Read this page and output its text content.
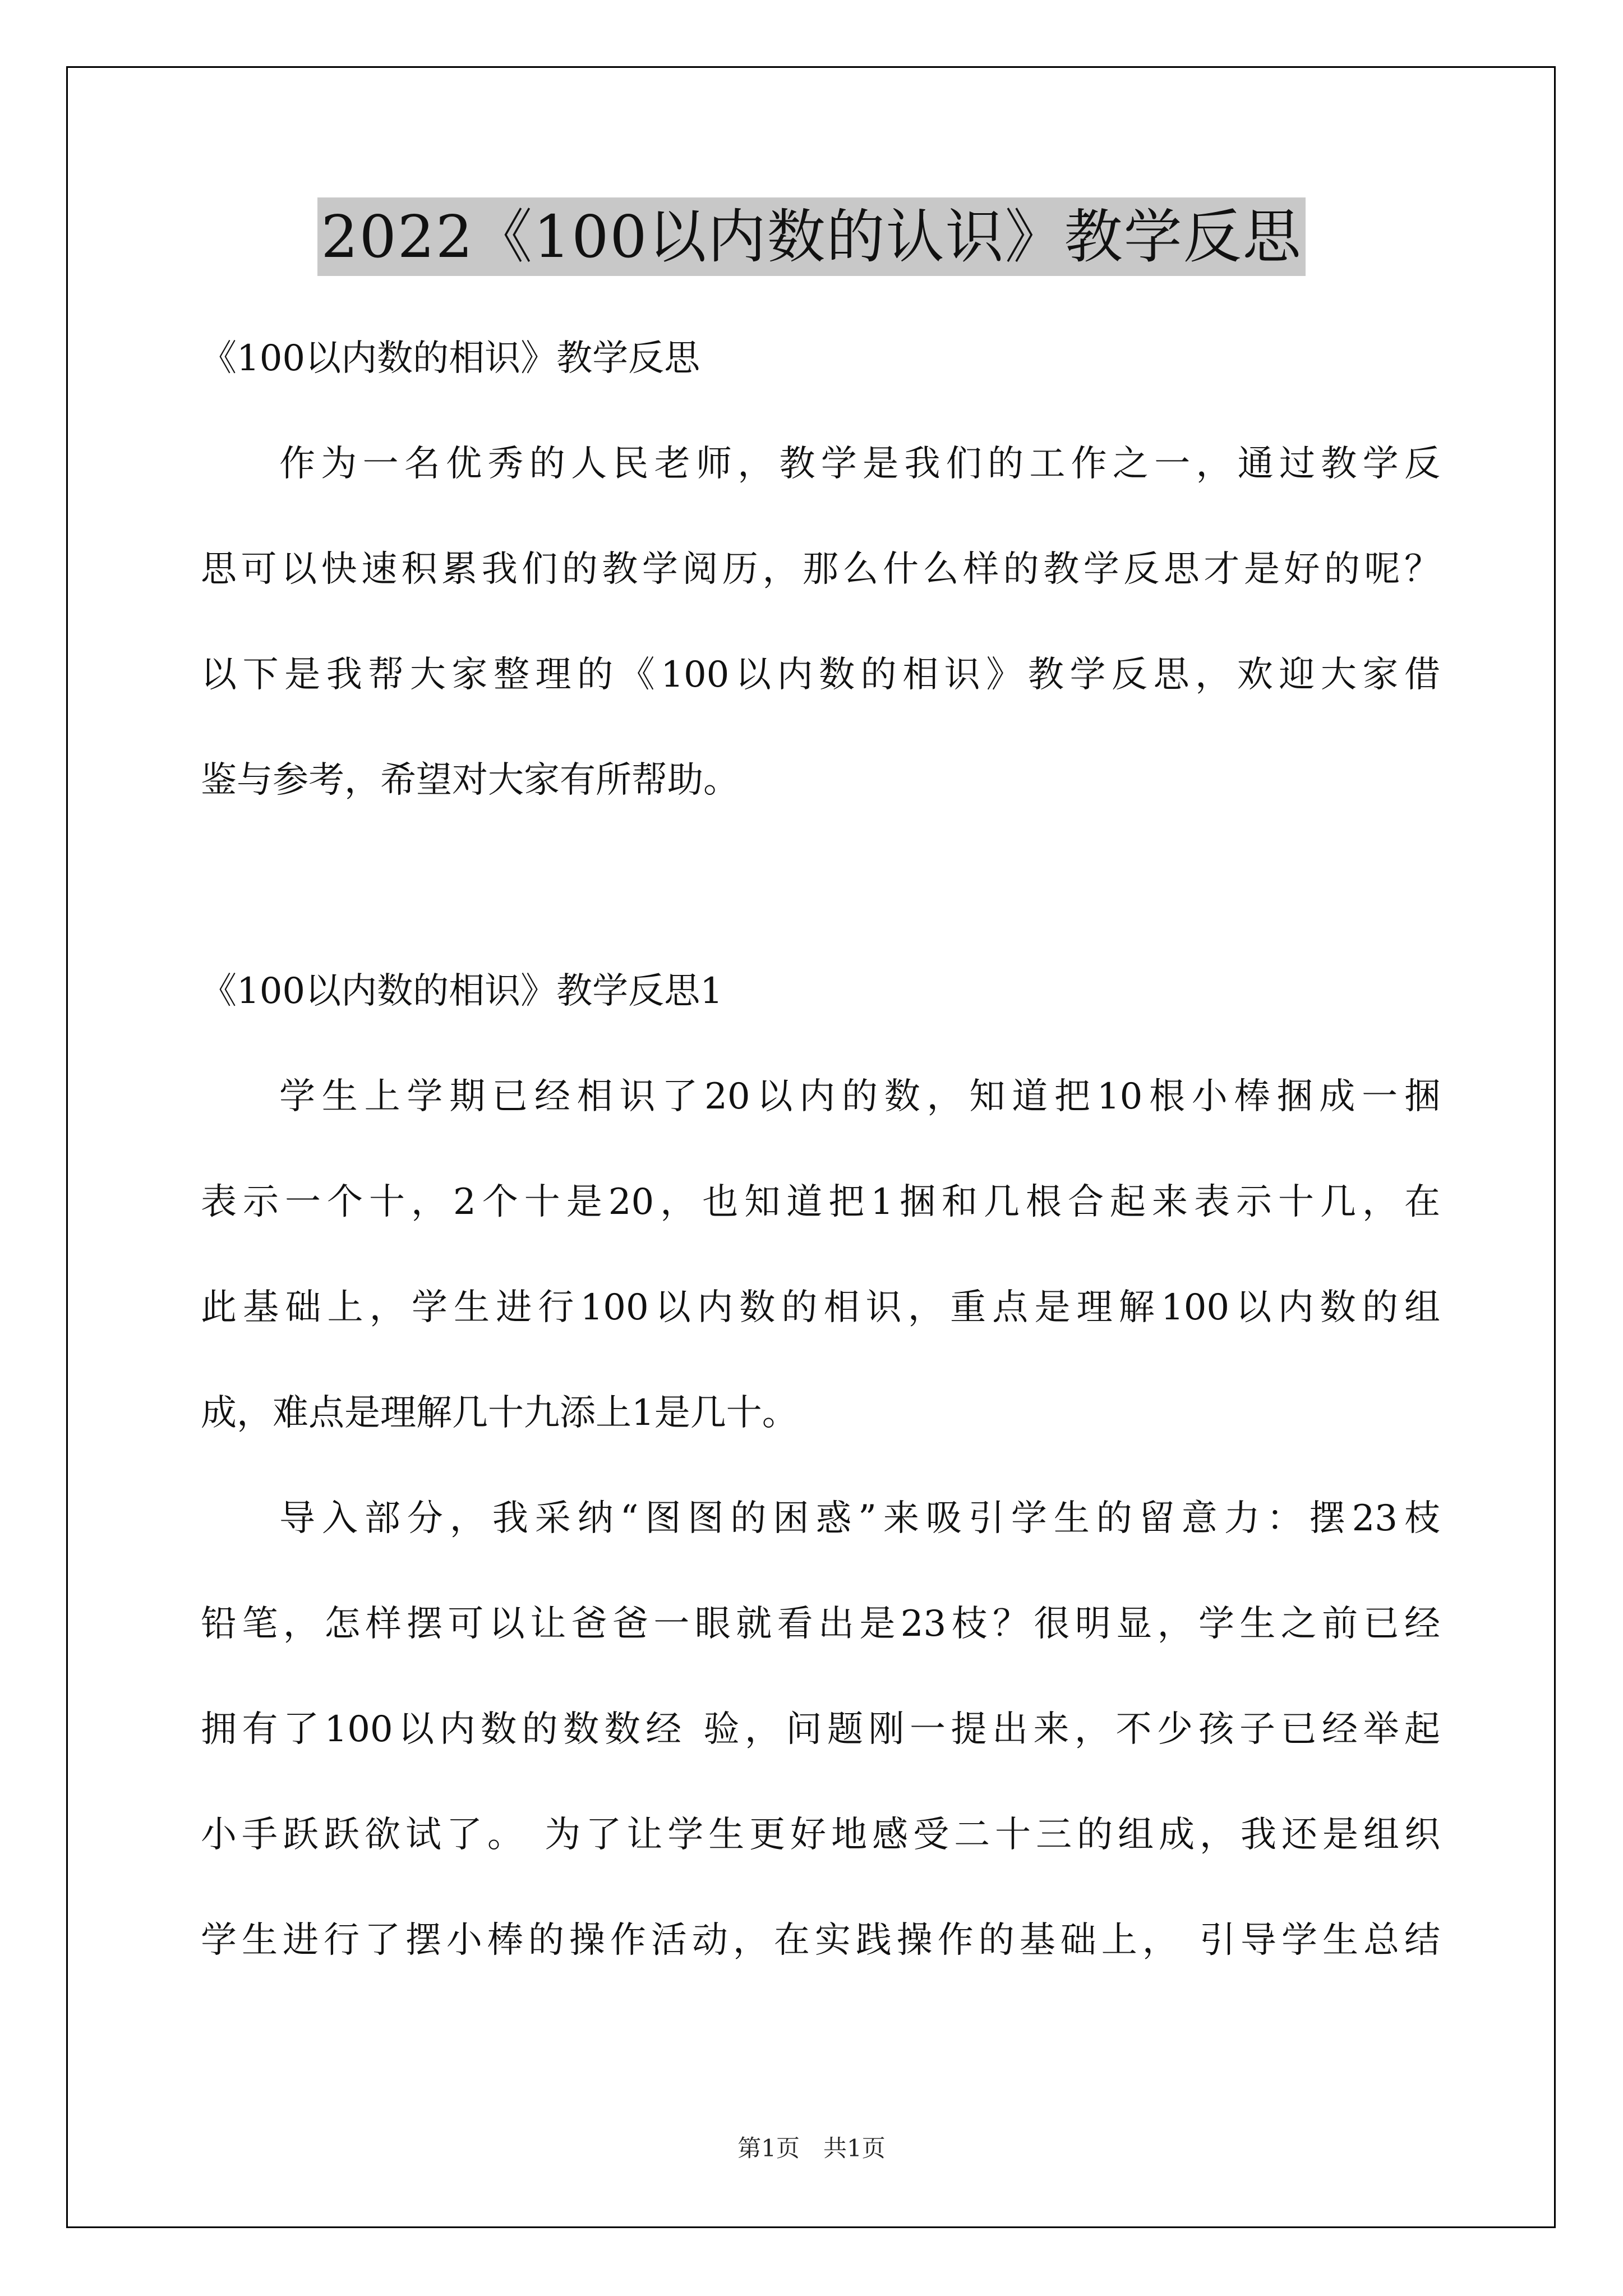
2022《100以内数的认识》教学反思
《100以内数的相识》教学反思
作为一名优秀的人民老师，教学是我们的工作之一，通过教学反
思可以快速积累我们的教学阅历，那么什么样的教学反思才是好的呢？
以下是我帮大家整理的《100以内数的相识》教学反思，欢迎大家借
鉴与参考，希望对大家有所帮助。
《100以内数的相识》教学反思1
学生上学期已经相识了20以内的数，知道把10根小棒捆成一捆
表示一个十，2个十是20，也知道把1捆和几根合起来表示十几，在
此基础上，学生进行100以内数的相识，重点是理解100以内数的组
成，难点是理解几十九添上1是几十。
导入部分，我采纳“图图的困惑”来吸引学生的留意力：摆23枝
铅笔，怎样摆可以让爸爸一眼就看出是23枝？很明显，学生之前已经
拥有了100以内数的数数经 验，问题刚一提出来，不少孩子已经举起
小手跃跃欲试了。 为了让学生更好地感受二十三的组成，我还是组织
学生进行了摆小棒的操作活动，在实践操作的基础上， 引导学生总结
第1页　共1页
